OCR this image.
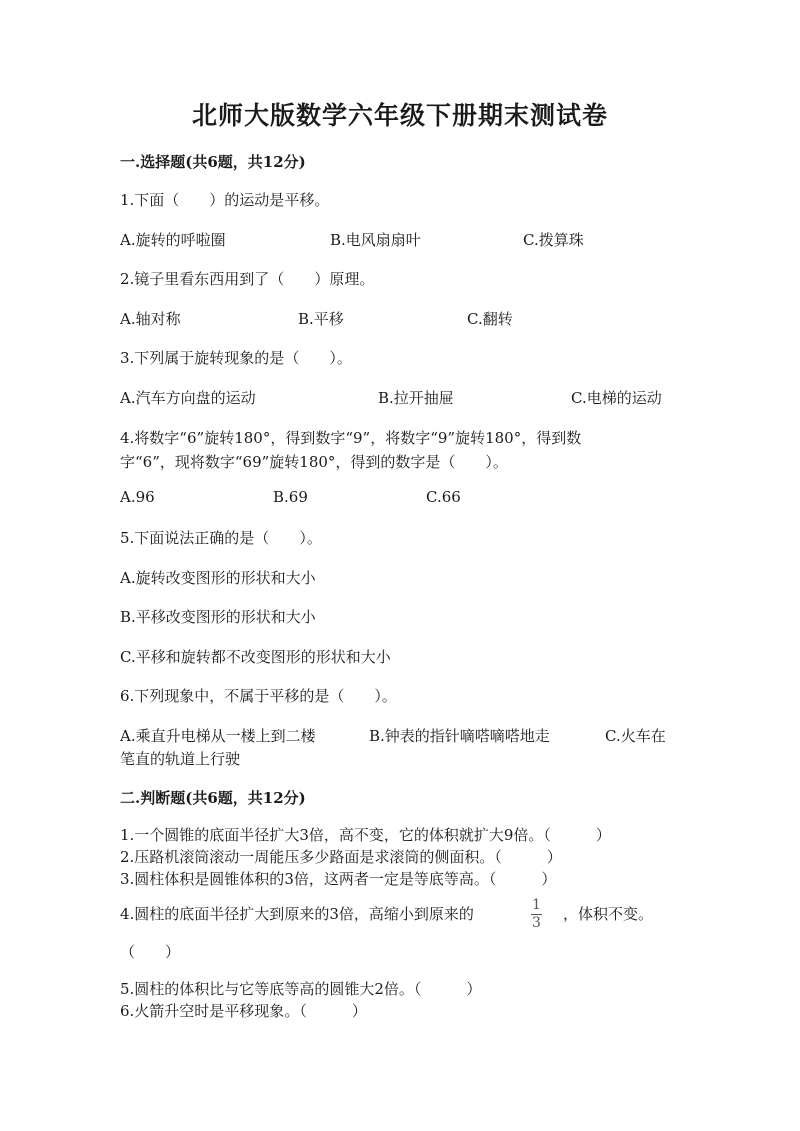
北师大版数学六年级下册期末测试卷
一.选择题(共6题，共12分)
1.下面（　　）的运动是平移。
A.旋转的呼啦圈	B.电风扇扇叶	C.拨算珠
2.镜子里看东西用到了（　　）原理。
A.轴对称	B.平移	C.翻转
3.下列属于旋转现象的是（　　）。
A.汽车方向盘的运动	B.拉开抽屉	C.电梯的运动
4.将数字“6”旋转180°，得到数字“9”，将数字“9”旋转180°，得到数
字“6”，现将数字“69”旋转180°，得到的数字是（　　）。
A.96	B.69	C.66
5.下面说法正确的是（　　）。
A.旋转改变图形的形状和大小
B.平移改变图形的形状和大小
C.平移和旋转都不改变图形的形状和大小
6.下列现象中，不属于平移的是（　　）。
A.乘直升电梯从一楼上到二楼	B.钟表的指针嘀嗒嘀嗒地走	C.火车在
笔直的轨道上行驶
二.判断题(共6题，共12分)
1.一个圆锥的底面半径扩大3倍，高不变，它的体积就扩大9倍。（　　　）
2.压路机滚筒滚动一周能压多少路面是求滚筒的侧面积。（　　　）
3.圆柱体积是圆锥体积的3倍，这两者一定是等底等高。（　　　）
4.圆柱的底面半径扩大到原来的3倍，高缩小到原来的	1
3 ，体积不变。
（　　）
5.圆柱的体积比与它等底等高的圆锥大2倍。（　　　）
6.火箭升空时是平移现象。（　　　）
